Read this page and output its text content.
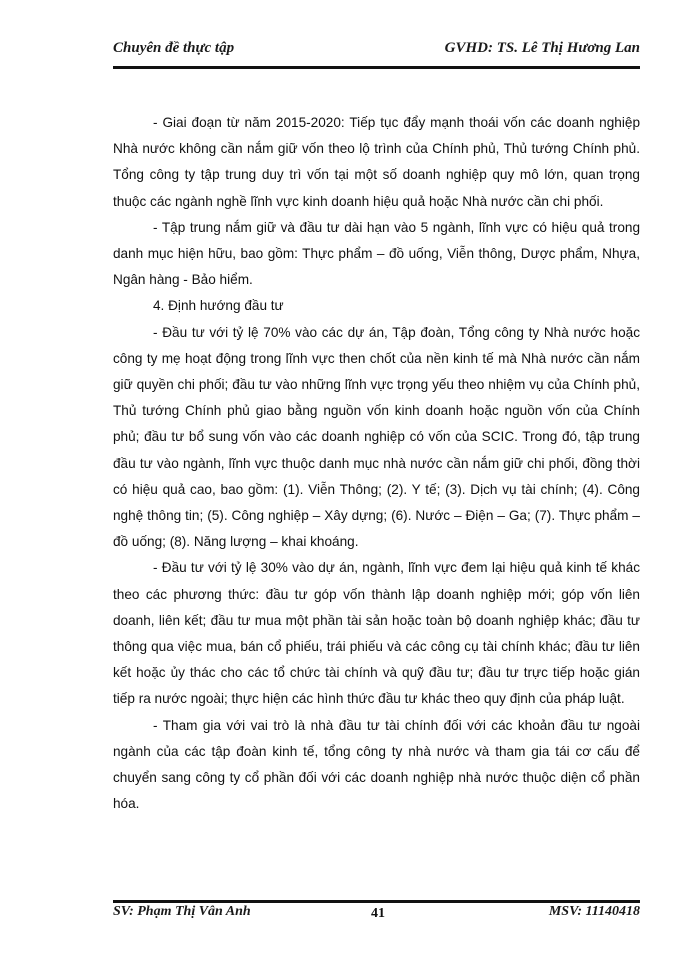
Chuyên đề thực tập	GVHD: TS. Lê Thị Hương Lan

- Giai đoạn từ năm 2015-2020: Tiếp tục đẩy mạnh thoái vốn các doanh nghiệp Nhà nước không cần nắm giữ vốn theo lộ trình của Chính phủ, Thủ tướng Chính phủ. Tổng công ty tập trung duy trì vốn tại một số doanh nghiệp quy mô lớn, quan trọng thuộc các ngành nghề lĩnh vực kinh doanh hiệu quả hoặc Nhà nước cần chi phối.

- Tập trung nắm giữ và đầu tư dài hạn vào 5 ngành, lĩnh vực có hiệu quả trong danh mục hiện hữu, bao gồm: Thực phẩm – đồ uống, Viễn thông, Dược phẩm, Nhựa, Ngân hàng - Bảo hiểm.

4. Định hướng đầu tư

- Đầu tư với tỷ lệ 70% vào các dự án, Tập đoàn, Tổng công ty Nhà nước hoặc công ty mẹ hoạt động trong lĩnh vực then chốt của nền kinh tế mà Nhà nước cần nắm giữ quyền chi phối; đầu tư vào những lĩnh vực trọng yếu theo nhiệm vụ của Chính phủ, Thủ tướng Chính phủ giao bằng nguồn vốn kinh doanh hoặc nguồn vốn của Chính phủ; đầu tư bổ sung vốn vào các doanh nghiệp có vốn của SCIC. Trong đó, tập trung đầu tư vào ngành, lĩnh vực thuộc danh mục nhà nước cần nắm giữ chi phối, đồng thời có hiệu quả cao, bao gồm: (1). Viễn Thông; (2). Y tế; (3). Dịch vụ tài chính; (4). Công nghệ thông tin; (5). Công nghiệp – Xây dựng; (6). Nước – Điện – Ga; (7). Thực phẩm – đồ uống; (8). Năng lượng – khai khoáng.

- Đầu tư với tỷ lệ 30% vào dự án, ngành, lĩnh vực đem lại hiệu quả kinh tế khác theo các phương thức: đầu tư góp vốn thành lập doanh nghiệp mới; góp vốn liên doanh, liên kết; đầu tư mua một phần tài sản hoặc toàn bộ doanh nghiệp khác; đầu tư thông qua việc mua, bán cổ phiếu, trái phiếu và các công cụ tài chính khác; đầu tư liên kết hoặc ủy thác cho các tổ chức tài chính và quỹ đầu tư; đầu tư trực tiếp hoặc gián tiếp ra nước ngoài; thực hiện các hình thức đầu tư khác theo quy định của pháp luật.

- Tham gia với vai trò là nhà đầu tư tài chính đối với các khoản đầu tư ngoài ngành của các tập đoàn kinh tế, tổng công ty nhà nước và tham gia tái cơ cấu để chuyển sang công ty cổ phần đối với các doanh nghiệp nhà nước thuộc diện cổ phần hóa.

SV: Phạm Thị Vân Anh	41	MSV: 11140418
